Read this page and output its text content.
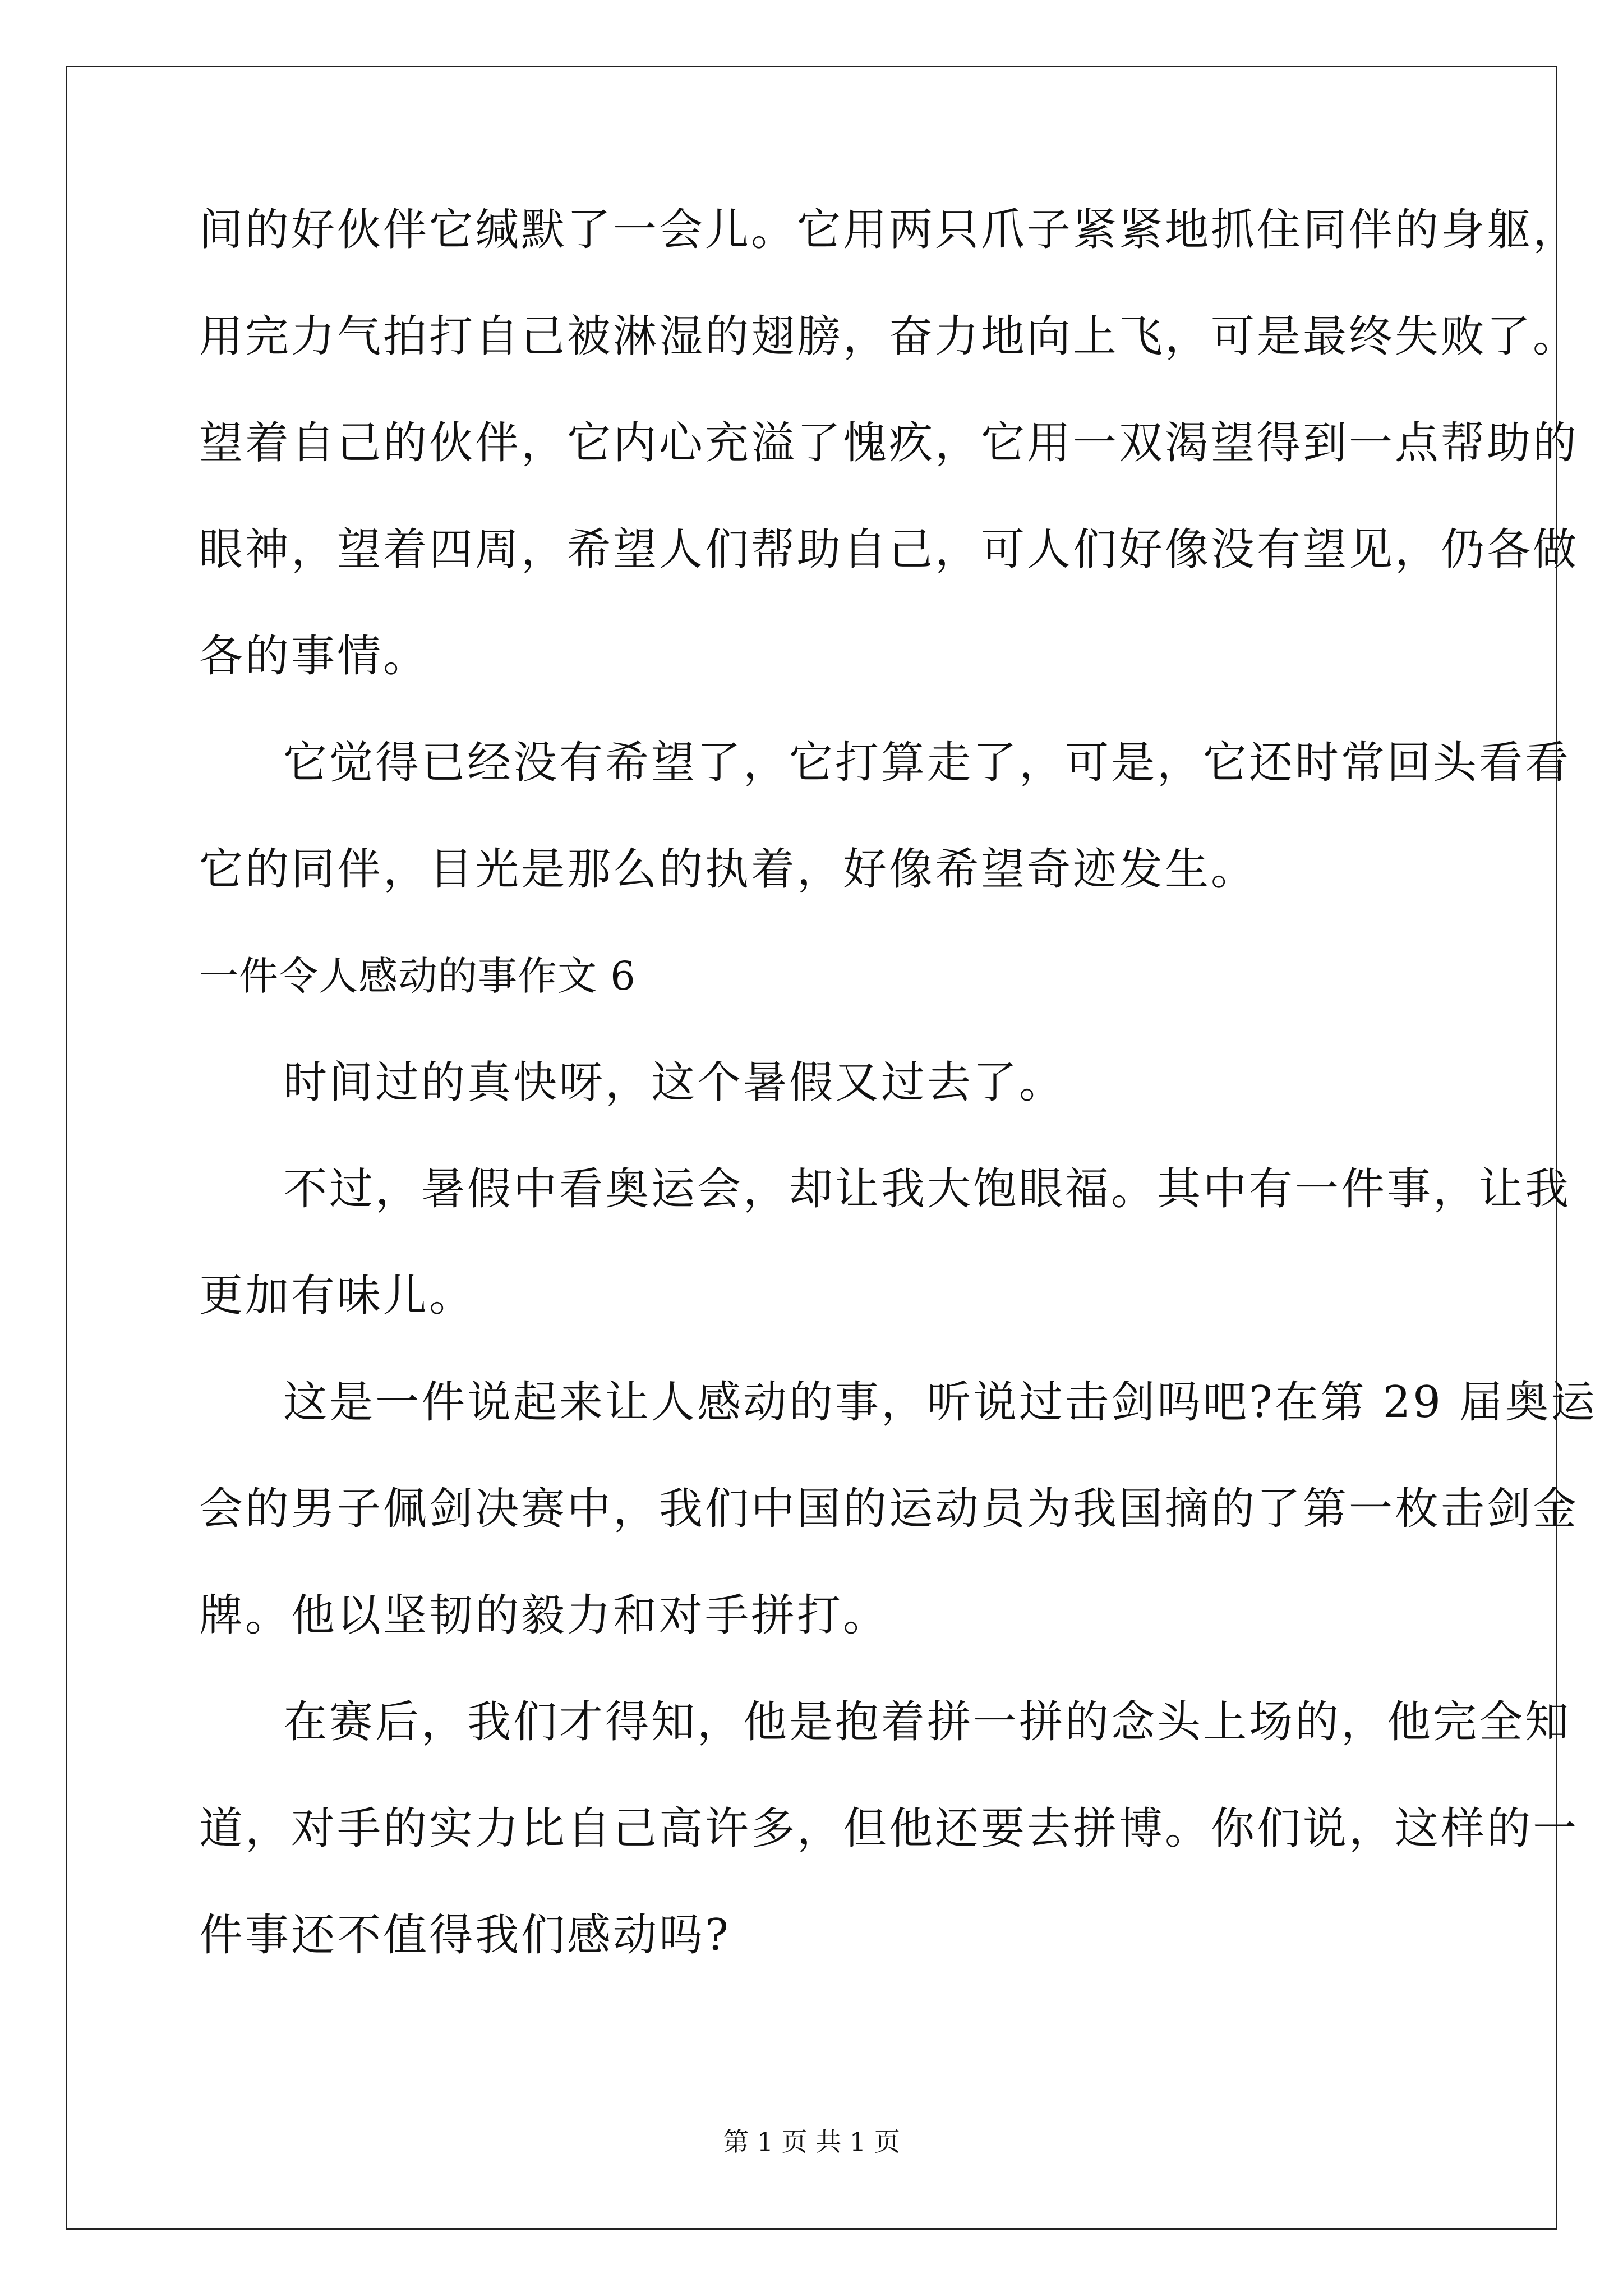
间的好伙伴它缄默了一会儿。它用两只爪子紧紧地抓住同伴的身躯，
用完力气拍打自己被淋湿的翅膀，奋力地向上飞，可是最终失败了。
望着自己的伙伴，它内心充溢了愧疚，它用一双渴望得到一点帮助的
眼神，望着四周，希望人们帮助自己，可人们好像没有望见，仍各做
各的事情。
它觉得已经没有希望了，它打算走了，可是，它还时常回头看看
它的同伴，目光是那么的执着，好像希望奇迹发生。
一件令人感动的事作文 6
时间过的真快呀，这个暑假又过去了。
不过，暑假中看奥运会，却让我大饱眼福。其中有一件事，让我
更加有味儿。
这是一件说起来让人感动的事，听说过击剑吗吧?在第 29 届奥运
会的男子佩剑决赛中，我们中国的运动员为我国摘的了第一枚击剑金
牌。他以坚韧的毅力和对手拼打。
在赛后，我们才得知，他是抱着拼一拼的念头上场的，他完全知
道，对手的实力比自己高许多，但他还要去拼博。你们说，这样的一
件事还不值得我们感动吗?
第 1 页 共 1 页
